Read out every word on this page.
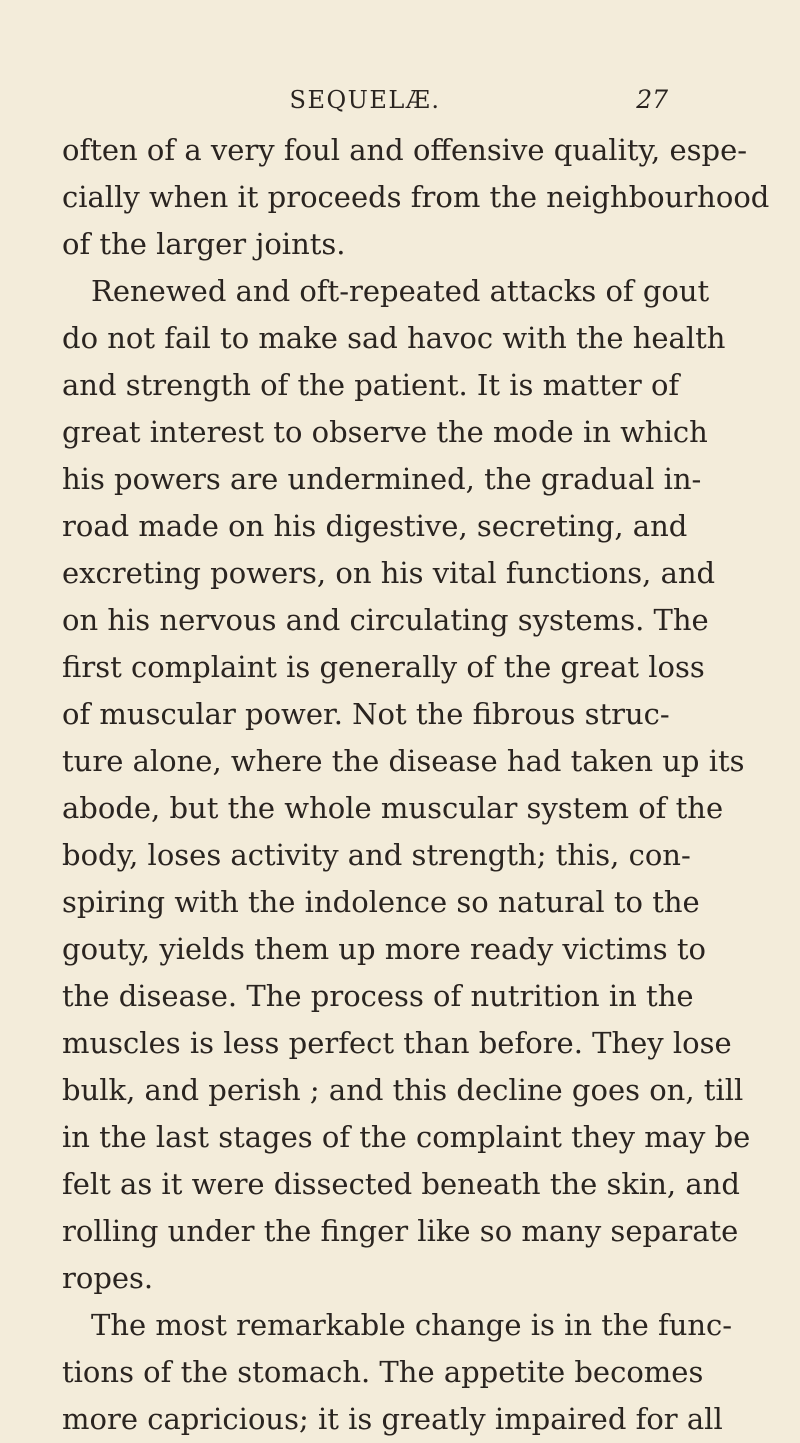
SEQUELÆ.	27
often of a very foul and offensive quality, espe-
cially when it proceeds from the neighbourhood
of the larger joints.
Renewed and oft-repeated attacks of gout
do not fail to make sad havoc with the health
and strength of the patient. It is matter of
great interest to observe the mode in which
his powers are undermined, the gradual in-
road made on his digestive, secreting, and
excreting powers, on his vital functions, and
on his nervous and circulating systems. The
first complaint is generally of the great loss
of muscular power. Not the fibrous struc-
ture alone, where the disease had taken up its
abode, but the whole muscular system of the
body, loses activity and strength; this, con-
spiring with the indolence so natural to the
gouty, yields them up more ready victims to
the disease. The process of nutrition in the
muscles is less perfect than before. They lose
bulk, and perish ; and this decline goes on, till
in the last stages of the complaint they may be
felt as it were dissected beneath the skin, and
rolling under the finger like so many separate
ropes.
The most remarkable change is in the func-
tions of the stomach. The appetite becomes
more capricious; it is greatly impaired for all
